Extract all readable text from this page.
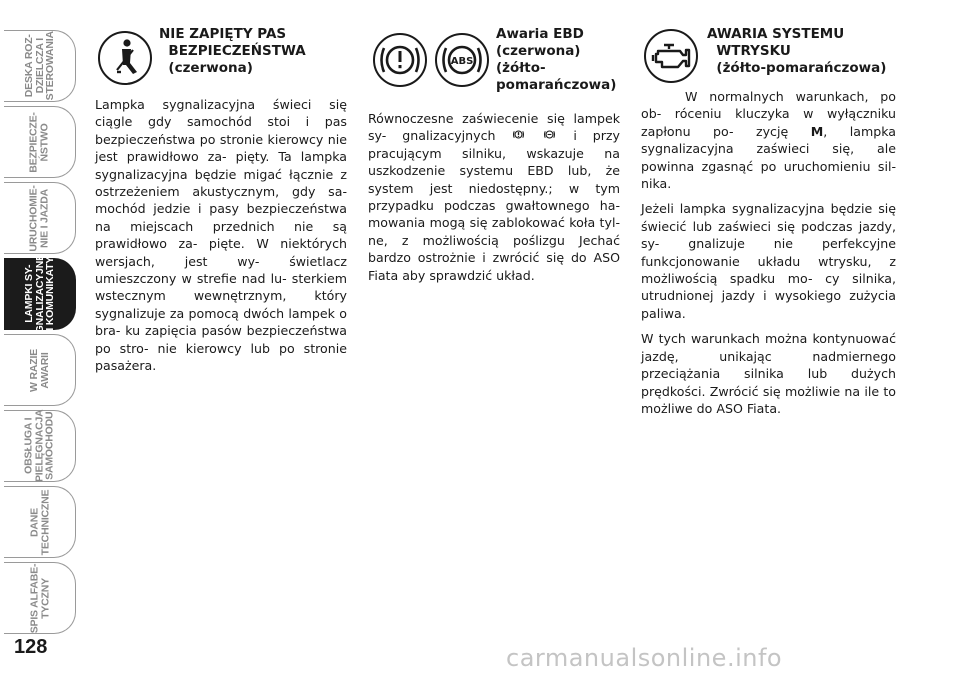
DESKA ROZ-
DZIELCZA I
STEROWANIA
BEZPIECZE-
ŃSTWO
URUCHOMIE-
NIE I JAZDA
LAMPKI SY-
GNALIZACYJNE
I KOMUNIKATY
W RAZIE
AWARII
OBSŁUGA I
PIELĘGNACJA
SAMOCHODU
DANE
TECHNICZNE
SPIS ALFABE-
TYCZNY
128
NIE ZAPIĘTY PAS
BEZPIECZEŃSTWA
(czerwona)

Lampka sygnalizacyjna świeci się ciągle gdy samochód stoi i pas bezpieczeństwa po stronie kierowcy nie jest prawidłowo za- pięty. Ta lampka sygnalizacyjna będzie migać łącznie z ostrzeżeniem akustycznym, gdy sa- mochód jedzie i pasy bezpieczeństwa na miejscach przednich nie są prawidłowo za- pięte. W niektórych wersjach, jest wy- świetlacz umieszczony w strefie nad lu- sterkiem wstecznym wewnętrznym, który sygnalizuje za pomocą dwóch lampek o bra- ku zapięcia pasów bezpieczeństwa po stro- nie kierowcy lub po stronie pasażera.

ABS
Awaria EBD
(czerwona)
(żółto-
pomarańczowa)

Równoczesne zaświecenie się lampek sy- gnalizacyjnych	i przy pracującym silniku, wskazuje na uszkodzenie systemu EBD lub, że system jest niedostępny.; w tym przypadku podczas gwałtownego ha- mowania mogą się zablokować koła tyl- ne, z możliwością poślizgu Jechać bardzo ostrożnie i zwrócić się do ASO Fiata aby sprawdzić układ.

AWARIA SYSTEMU
WTRYSKU
(żółto-pomarańczowa)

W normalnych warunkach, po ob- róceniu kluczyka w wyłączniku zapłonu po- zycję M, lampka sygnalizacyjna zaświeci się, ale powinna zgasnąć po uruchomieniu sil- nika.

Jeżeli lampka sygnalizacyjna będzie się świecić lub zaświeci się podczas jazdy, sy- gnalizuje nie perfekcyjne funkcjonowanie układu wtrysku, z możliwością spadku mo- cy silnika, utrudnionej jazdy i wysokiego zużycia paliwa.

W tych warunkach można kontynuować jazdę, unikając nadmiernego przeciążania silnika lub dużych prędkości. Zwrócić się możliwie na ile to możliwe do ASO Fiata.

carmanualsonline.info
